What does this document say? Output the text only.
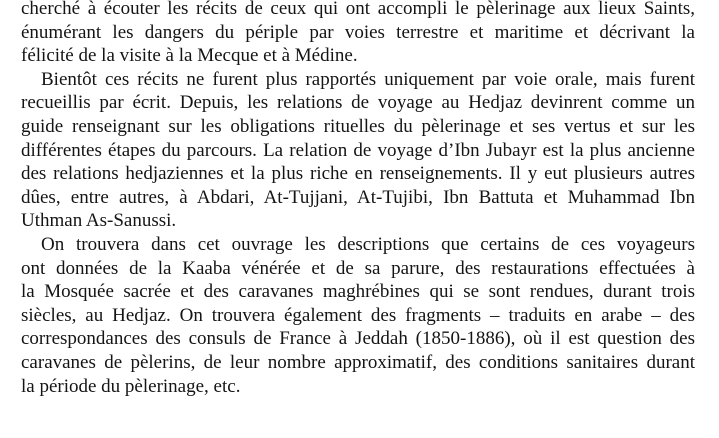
cherché à écouter les récits de ceux qui ont accompli le pèlerinage aux lieux Saints,
énumérant les dangers du périple par voies terrestre et maritime et décrivant la
félicité de la visite à la Mecque et à Médine.
Bientôt ces récits ne furent plus rapportés uniquement par voie orale, mais furent
recueillis par écrit. Depuis, les relations de voyage au Hedjaz devinrent comme un
guide renseignant sur les obligations rituelles du pèlerinage et ses vertus et sur les
différentes étapes du parcours. La relation de voyage d’Ibn Jubayr est la plus ancienne
des relations hedjaziennes et la plus riche en renseignements. Il y eut plusieurs autres
dûes, entre autres, à Abdari, At-Tujjani, At-Tujibi, Ibn Battuta et Muhammad Ibn
Uthman As-Sanussi.
On trouvera dans cet ouvrage les descriptions que certains de ces voyageurs
ont données de la Kaaba vénérée et de sa parure, des restaurations effectuées à
la Mosquée sacrée et des caravanes maghrébines qui se sont rendues, durant trois
siècles, au Hedjaz. On trouvera également des fragments – traduits en arabe – des
correspondances des consuls de France à Jeddah (1850-1886), où il est question des
caravanes de pèlerins, de leur nombre approximatif, des conditions sanitaires durant
la période du pèlerinage, etc.
